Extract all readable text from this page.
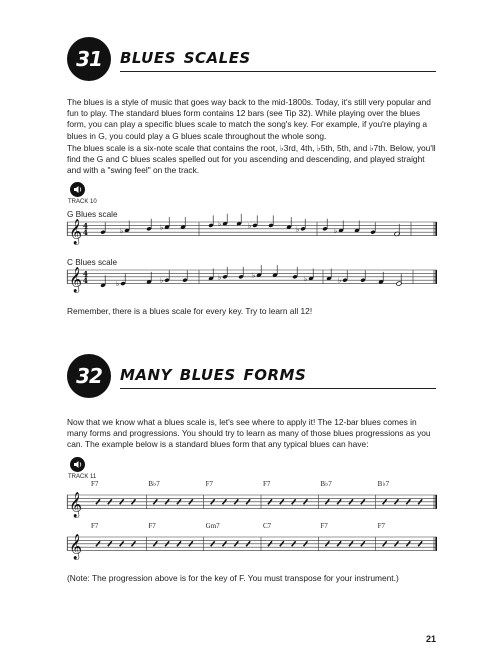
31 blues scales
The blues is a style of music that goes way back to the mid-1800s. Today, it's still very popular and fun to play. The standard blues form contains 12 bars (see Tip 32). While playing over the blues form, you can play a specific blues scale to match the song's key. For example, if you're playing a blues in G, you could play a G blues scale throughout the whole song.
The blues scale is a six-note scale that contains the root, ♭3rd, 4th, ♭5th, 5th, and ♭7th. Below, you'll find the G and C blues scales spelled out for you ascending and descending, and played straight and with a "swing feel" on the track.
TRACK 10
G Blues scale
𝄞 4
4	♭	♭	♭	♭	♭	♭
C Blues scale
𝄞 4
4	♭	♭	♭	♭	♭	♭
Remember, there is a blues scale for every key. Try to learn all 12!
32 many blues forms
Now that we know what a blues scale is, let's see where to apply it! The 12-bar blues comes in many forms and progressions. You should try to learn as many of those blues progressions as you can. The example below is a standard blues form that any typical blues can have:
TRACK 11
F7	B♭7	F7	F7	B♭7	B♭7
𝄞
F7	F7	Gm7	C7	F7	F7
𝄞
(Note: The progression above is for the key of F. You must transpose for your instrument.)
21
